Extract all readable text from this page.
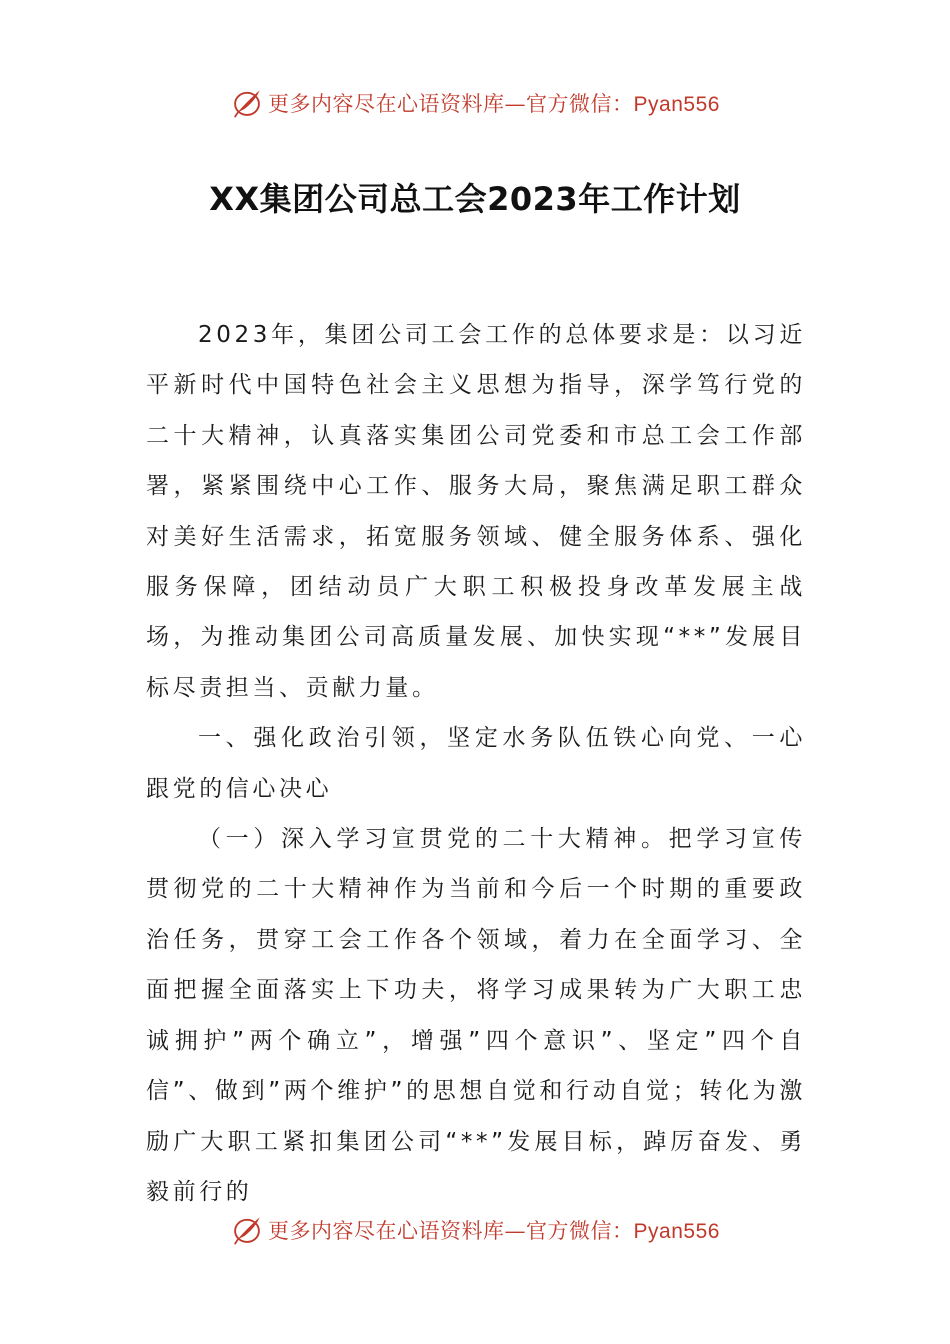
更多内容尽在心语资料库—官方微信：Pyan556
XX集团公司总工会2023年工作计划

2023年，集团公司工会工作的总体要求是：以习近平新时代中国特色社会主义思想为指导，深学笃行党的二十大精神，认真落实集团公司党委和市总工会工作部署，紧紧围绕中心工作、服务大局，聚焦满足职工群众对美好生活需求，拓宽服务领域、健全服务体系、强化服务保障，团结动员广大职工积极投身改革发展主战场，为推动集团公司高质量发展、加快实现“**”发展目标尽责担当、贡献力量。

一、强化政治引领，坚定水务队伍铁心向党、一心跟党的信心决心

（一）深入学习宣贯党的二十大精神。把学习宣传贯彻党的二十大精神作为当前和今后一个时期的重要政治任务，贯穿工会工作各个领域，着力在全面学习、全面把握全面落实上下功夫，将学习成果转为广大职工忠诚拥护”两个确立”，增强”四个意识”、坚定”四个自信”、做到”两个维护”的思想自觉和行动自觉；转化为激励广大职工紧扣集团公司“**”发展目标，踔厉奋发、勇毅前行的

更多内容尽在心语资料库—官方微信：Pyan556
